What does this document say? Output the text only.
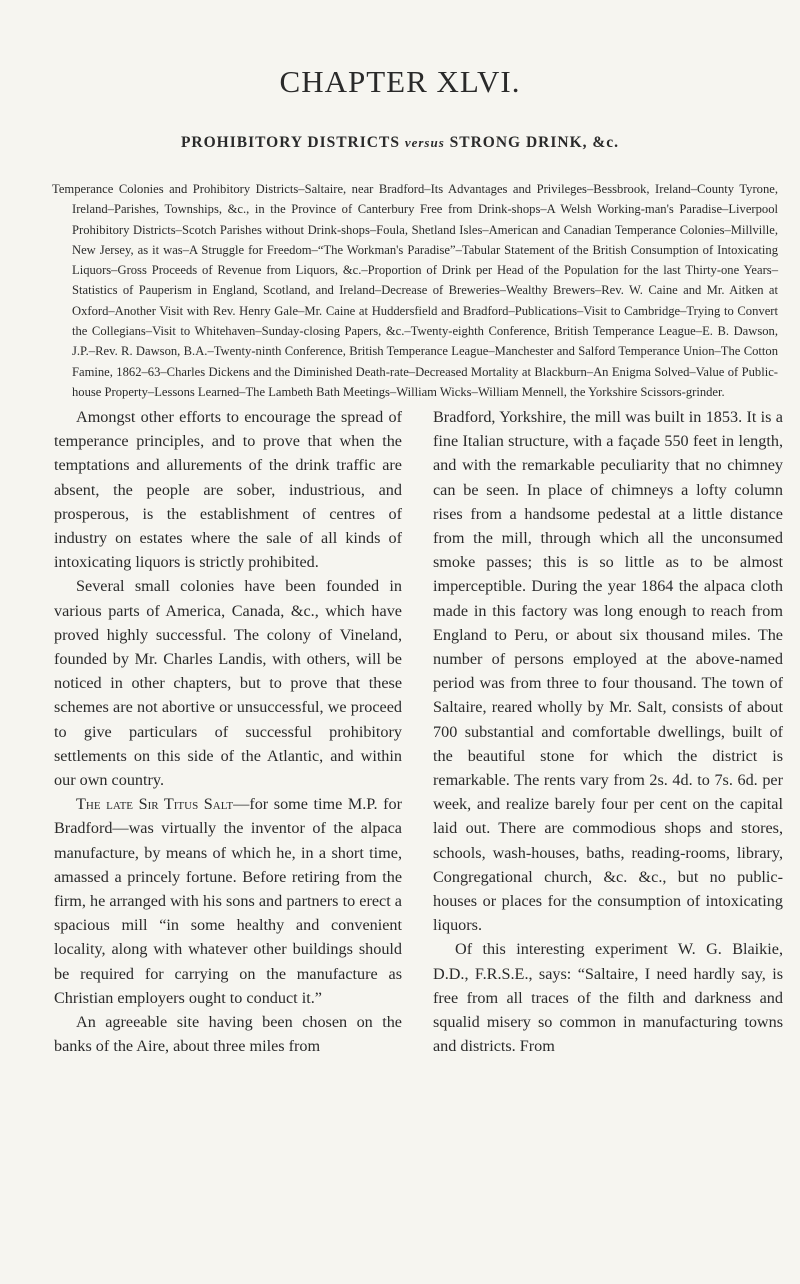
CHAPTER XLVI.
PROHIBITORY DISTRICTS versus STRONG DRINK, &c.

Temperance Colonies and Prohibitory Districts–Saltaire, near Bradford–Its Advantages and Privileges–Bessbrook, Ireland–County Tyrone, Ireland–Parishes, Townships, &c., in the Province of Canterbury Free from Drink-shops–A Welsh Working-man's Paradise–Liverpool Prohibitory Districts–Scotch Parishes without Drink-shops–Foula, Shetland Isles–American and Canadian Temperance Colonies–Millville, New Jersey, as it was–A Struggle for Freedom–“The Workman's Paradise”–Tabular Statement of the British Consumption of Intoxicating Liquors–Gross Proceeds of Revenue from Liquors, &c.–Proportion of Drink per Head of the Population for the last Thirty-one Years–Statistics of Pauperism in England, Scotland, and Ireland–Decrease of Breweries–Wealthy Brewers–Rev. W. Caine and Mr. Aitken at Oxford–Another Visit with Rev. Henry Gale–Mr. Caine at Huddersfield and Bradford–Publications–Visit to Cambridge–Trying to Convert the Collegians–Visit to Whitehaven–Sunday-closing Papers, &c.–Twenty-eighth Conference, British Temperance League–E. B. Dawson, J.P.–Rev. R. Dawson, B.A.–Twenty-ninth Conference, British Temperance League–Manchester and Salford Temperance Union–The Cotton Famine, 1862–63–Charles Dickens and the Diminished Death-rate–Decreased Mortality at Blackburn–An Enigma Solved–Value of Public-house Property–Lessons Learned–The Lambeth Bath Meetings–William Wicks–William Mennell, the Yorkshire Scissors-grinder.

Amongst other efforts to encourage the spread of temperance principles, and to prove that when the temptations and allurements of the drink traffic are absent, the people are sober, industrious, and prosperous, is the establishment of centres of industry on estates where the sale of all kinds of intoxicating liquors is strictly prohibited.

Several small colonies have been founded in various parts of America, Canada, &c., which have proved highly successful. The colony of Vineland, founded by Mr. Charles Landis, with others, will be noticed in other chapters, but to prove that these schemes are not abortive or unsuccessful, we proceed to give particulars of successful prohibitory settlements on this side of the Atlantic, and within our own country.

The late Sir Titus Salt—for some time M.P. for Bradford—was virtually the inventor of the alpaca manufacture, by means of which he, in a short time, amassed a princely fortune. Before retiring from the firm, he arranged with his sons and partners to erect a spacious mill “in some healthy and convenient locality, along with whatever other buildings should be required for carrying on the manufacture as Christian employers ought to conduct it.”

An agreeable site having been chosen on the banks of the Aire, about three miles from

Bradford, Yorkshire, the mill was built in 1853. It is a fine Italian structure, with a façade 550 feet in length, and with the remarkable peculiarity that no chimney can be seen. In place of chimneys a lofty column rises from a handsome pedestal at a little distance from the mill, through which all the unconsumed smoke passes; this is so little as to be almost imperceptible. During the year 1864 the alpaca cloth made in this factory was long enough to reach from England to Peru, or about six thousand miles. The number of persons employed at the above-named period was from three to four thousand. The town of Saltaire, reared wholly by Mr. Salt, consists of about 700 substantial and comfortable dwellings, built of the beautiful stone for which the district is remarkable. The rents vary from 2s. 4d. to 7s. 6d. per week, and realize barely four per cent on the capital laid out. There are commodious shops and stores, schools, wash-houses, baths, reading-rooms, library, Congregational church, &c. &c., but no public-houses or places for the consumption of intoxicating liquors.

Of this interesting experiment W. G. Blaikie, D.D., F.R.S.E., says: “Saltaire, I need hardly say, is free from all traces of the filth and darkness and squalid misery so common in manufacturing towns and districts. From
